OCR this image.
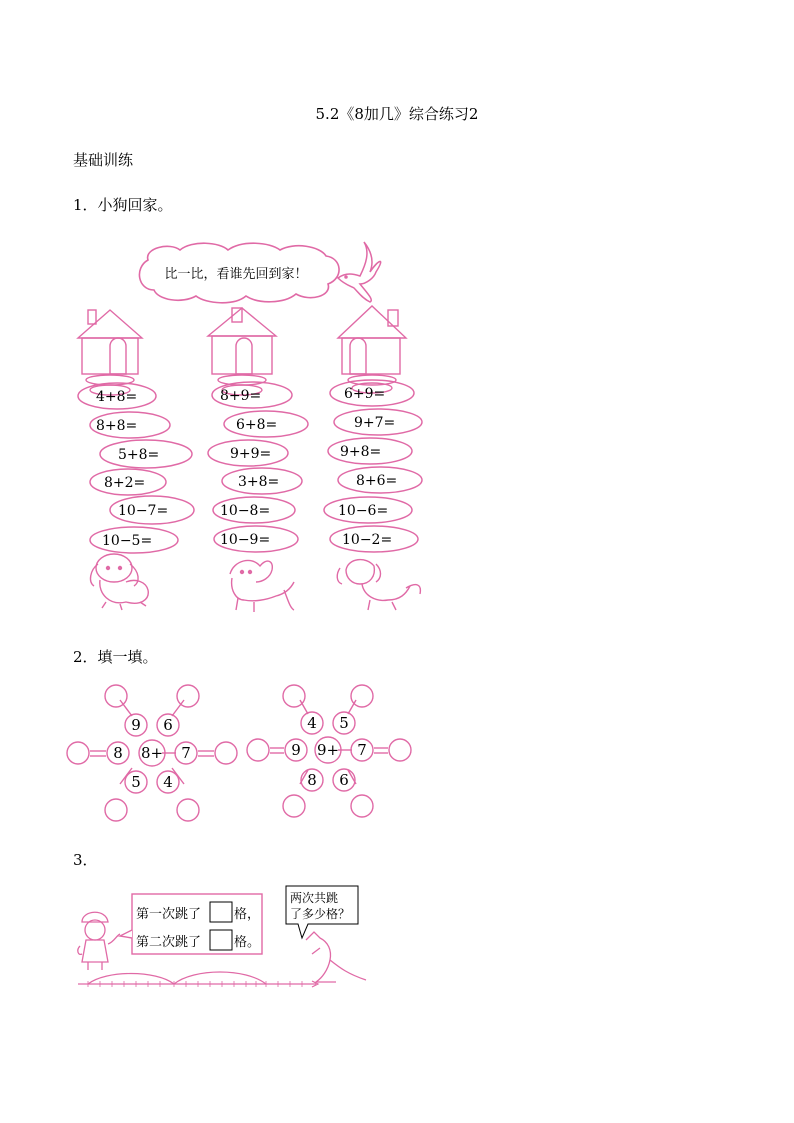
5.2《8加几》综合练习2
基础训练
1．小狗回家。
2．填一填。
3．
比一比，看谁先回到家！
4+8=
8+8=
5+8=
8+2=
10−7=
10−5=
8+9=
6+8=
9+9=
3+8=
10−8=
10−9=
6+9=
9+7=
9+8=
8+6=
10−6=
10−2=
9 6
8 8+ 7
5 4
4 5
9 9+ 7
8 6
第一次跳了	格，
第二次跳了	格。
两次共跳
了多少格？
